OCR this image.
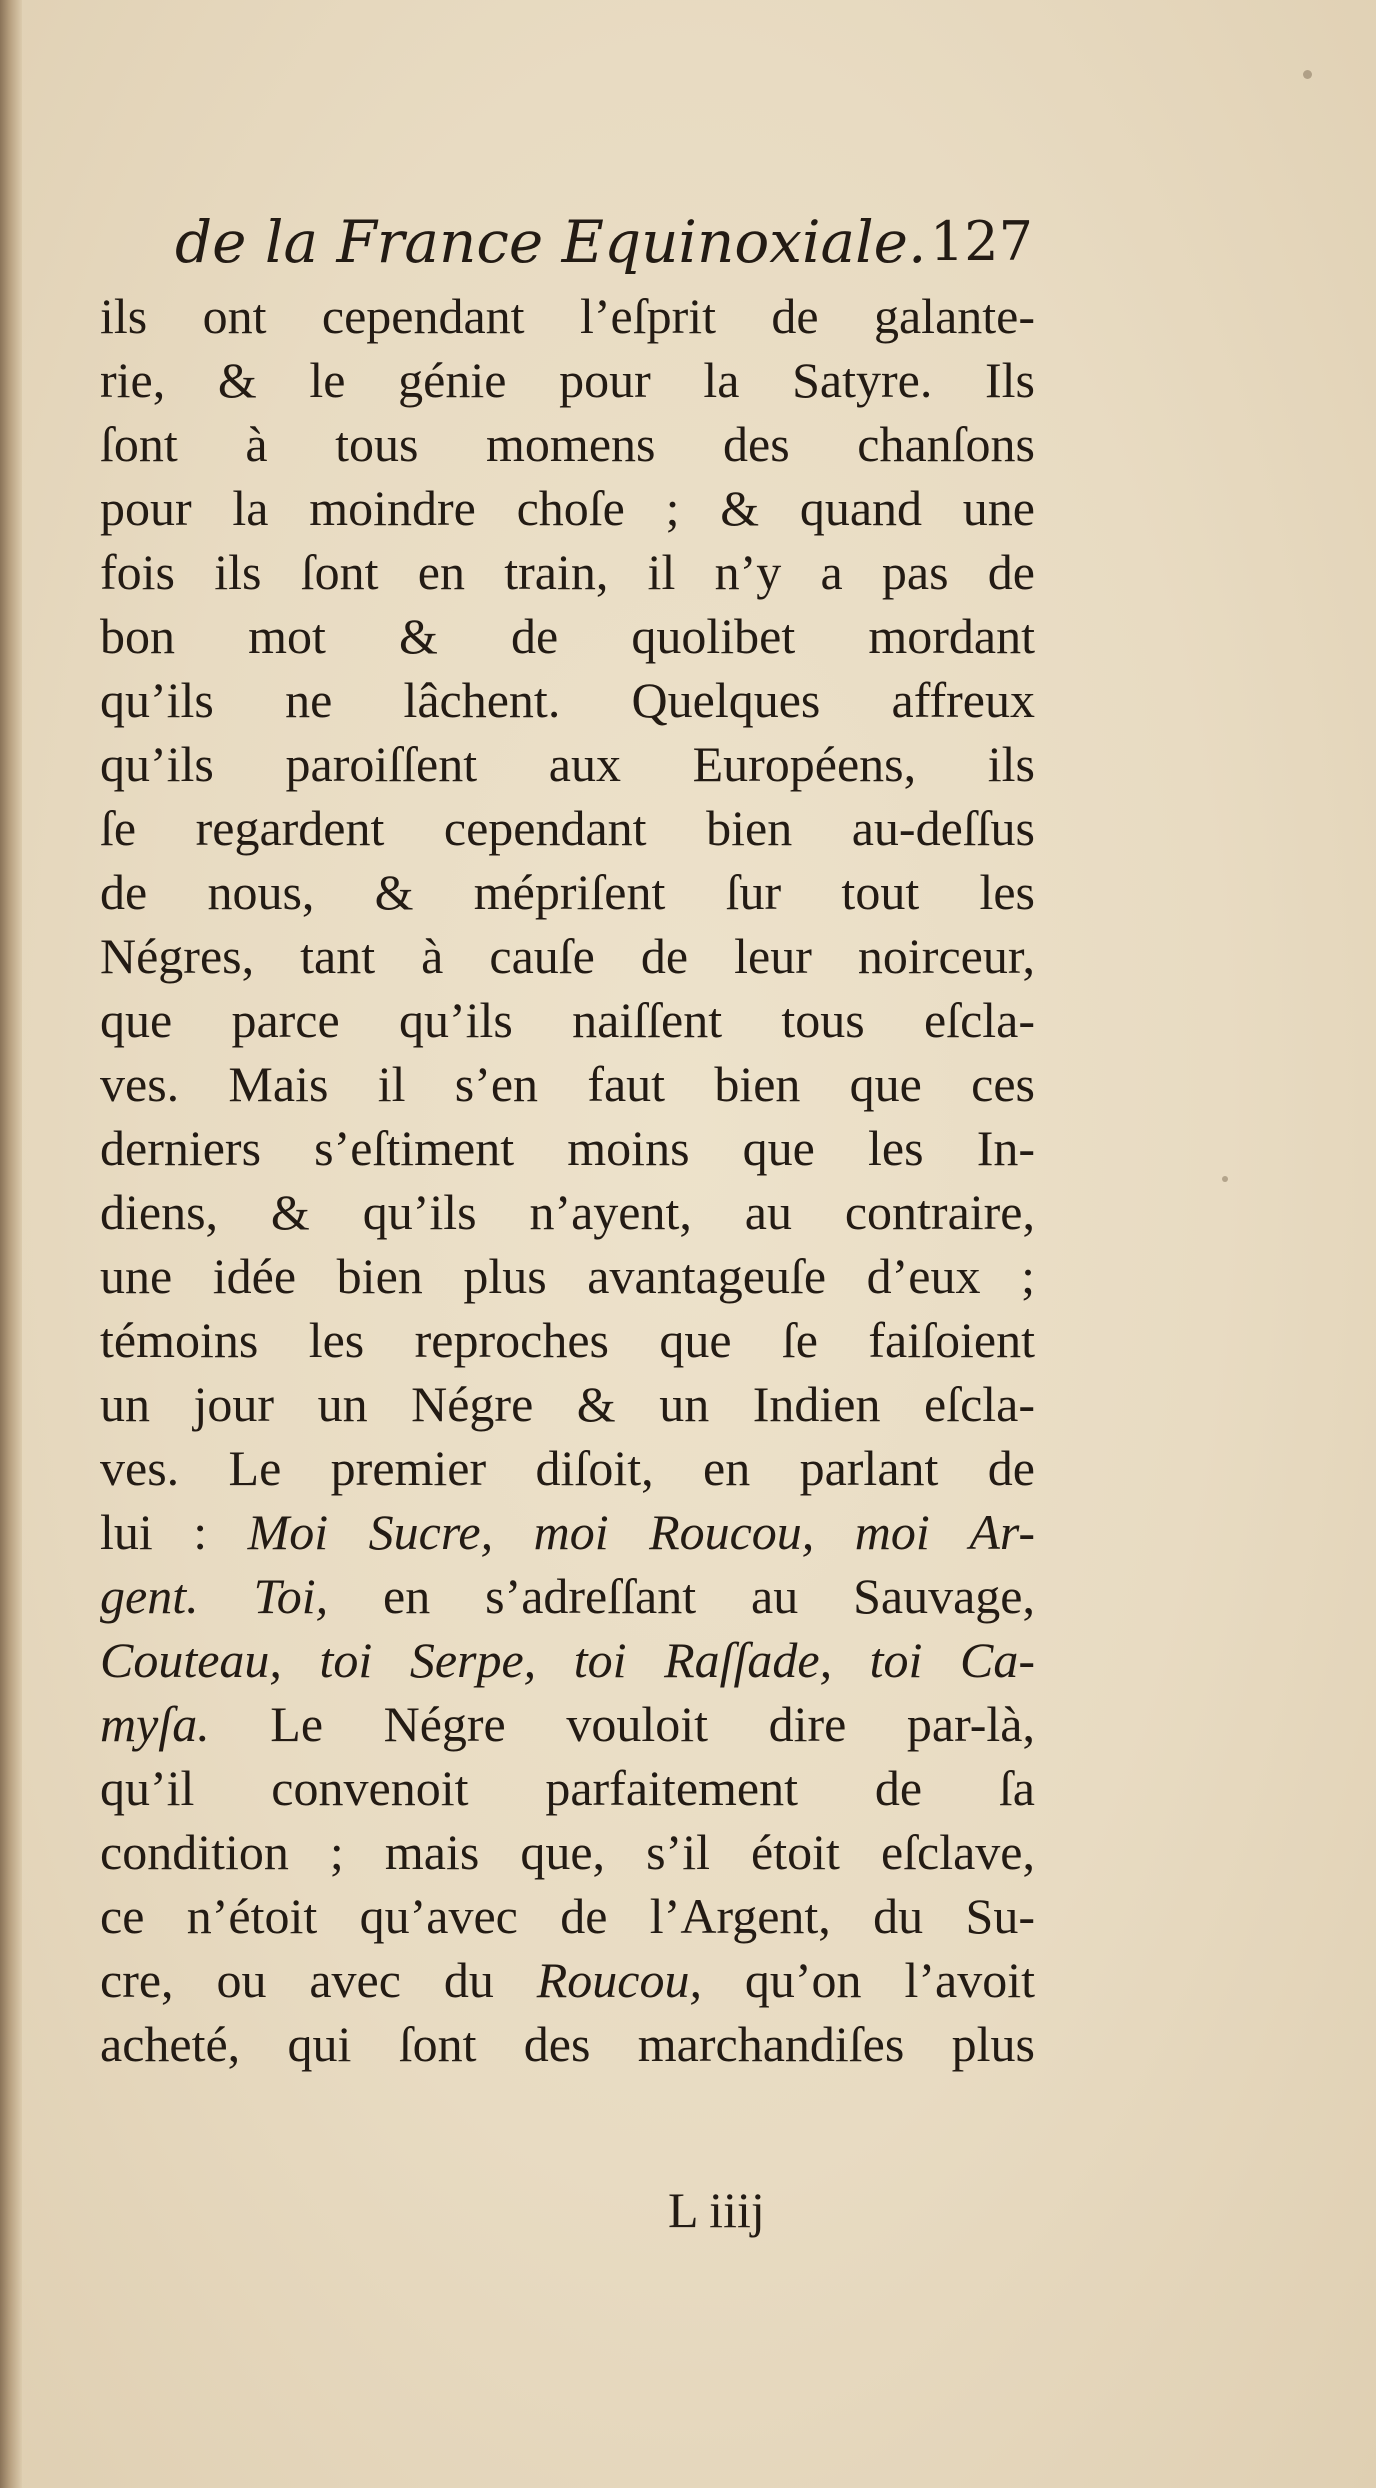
de la France Equinoxiale. 127
ils ont cependant l’eſprit de galante-
rie, & le génie pour la Satyre. Ils
ſont à tous momens des chanſons
pour la moindre choſe ; & quand une
fois ils ſont en train, il n’y a pas de
bon mot & de quolibet mordant
qu’ils ne lâchent. Quelques affreux
qu’ils paroiſſent aux Européens, ils
ſe regardent cependant bien au-deſſus
de nous, & mépriſent ſur tout les
Négres, tant à cauſe de leur noirceur,
que parce qu’ils naiſſent tous eſcla-
ves. Mais il s’en faut bien que ces
derniers s’eſtiment moins que les In-
diens, & qu’ils n’ayent, au contraire,
une idée bien plus avantageuſe d’eux ;
témoins les reproches que ſe faiſoient
un jour un Négre & un Indien eſcla-
ves. Le premier diſoit, en parlant de
lui : Moi Sucre, moi Roucou, moi Ar-
gent. Toi, en s’adreſſant au Sauvage,
Couteau, toi Serpe, toi Raſſade, toi Ca-
myſa. Le Négre vouloit dire par-là,
qu’il convenoit parfaitement de ſa
condition ; mais que, s’il étoit eſclave,
ce n’étoit qu’avec de l’Argent, du Su-
cre, ou avec du Roucou, qu’on l’avoit
acheté, qui ſont des marchandiſes plus
L iiij
